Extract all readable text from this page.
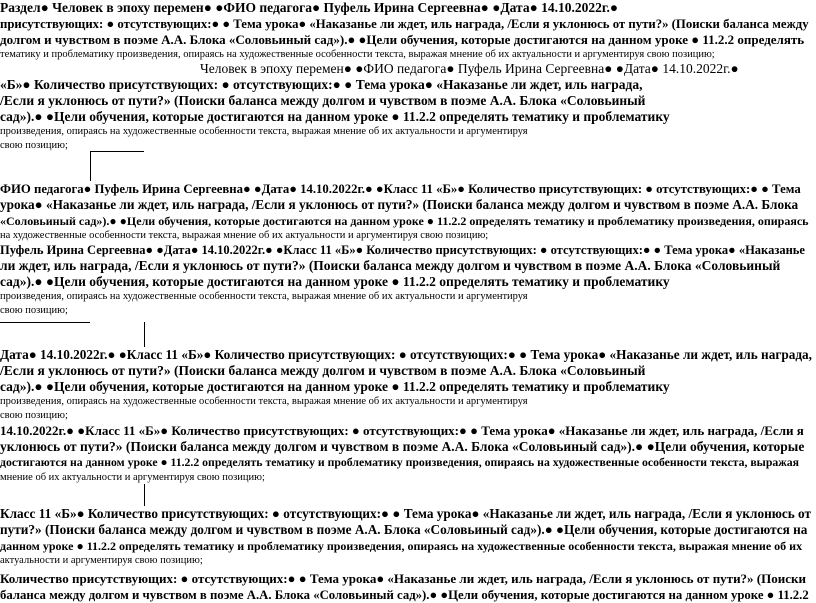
Раздел● Человек в эпоху перемен● ●ФИО педагога● Пуфель Ирина Сергеевна● ●Дата● 14.10.2022г.●
присутствующих: ● отсутствующих:● ● Тема урока● «Наказанье ли ждет, иль награда, /Если я уклонюсь от пути?» (Поиски баланса между
долгом и чувством в поэме А.А. Блока «Соловьиный сад»).● ●Цели обучения, которые достигаются на данном уроке ● 11.2.2 определять
тематику и проблематику произведения, опираясь на художественные особенности текста, выражая мнение об их актуальности и аргументируя свою позицию;
Человек в эпоху перемен● ●ФИО педагога● Пуфель Ирина Сергеевна● ●Дата● 14.10.2022г.●
«Б»● Количество присутствующих: ● отсутствующих:● ● Тема урока● «Наказанье ли ждет, иль награда,
/Если я уклонюсь от пути?» (Поиски баланса между долгом и чувством в поэме А.А. Блока «Соловьиный
сад»).● ●Цели обучения, которые достигаются на данном уроке ● 11.2.2 определять тематику и проблематику
произведения, опираясь на художественные особенности текста, выражая мнение об их актуальности и аргументируя
свою позицию;
ФИО педагога● Пуфель Ирина Сергеевна● ●Дата● 14.10.2022г.● ●Класс 11 «Б»● Количество присутствующих: ● отсутствующих:● ● Тема
урока● «Наказанье ли ждет, иль награда, /Если я уклонюсь от пути?» (Поиски баланса между долгом и чувством в поэме А.А. Блока
«Соловьиный сад»).● ●Цели обучения, которые достигаются на данном уроке ● 11.2.2 определять тематику и проблематику произведения, опираясь
на художественные особенности текста, выражая мнение об их актуальности и аргументируя свою позицию;
Пуфель Ирина Сергеевна● ●Дата● 14.10.2022г.● ●Класс 11 «Б»● Количество присутствующих: ● отсутствующих:● ● Тема урока● «Наказанье
ли ждет, иль награда, /Если я уклонюсь от пути?» (Поиски баланса между долгом и чувством в поэме А.А. Блока «Соловьиный
сад»).● ●Цели обучения, которые достигаются на данном уроке ● 11.2.2 определять тематику и проблематику
произведения, опираясь на художественные особенности текста, выражая мнение об их актуальности и аргументируя
свою позицию;
Дата● 14.10.2022г.● ●Класс 11 «Б»● Количество присутствующих: ● отсутствующих:● ● Тема урока● «Наказанье ли ждет, иль награда,
/Если я уклонюсь от пути?» (Поиски баланса между долгом и чувством в поэме А.А. Блока «Соловьиный
сад»).● ●Цели обучения, которые достигаются на данном уроке ● 11.2.2 определять тематику и проблематику
произведения, опираясь на художественные особенности текста, выражая мнение об их актуальности и аргументируя
свою позицию;
14.10.2022г.● ●Класс 11 «Б»● Количество присутствующих: ● отсутствующих:● ● Тема урока● «Наказанье ли ждет, иль награда, /Если я
уклонюсь от пути?» (Поиски баланса между долгом и чувством в поэме А.А. Блока «Соловьиный сад»).● ●Цели обучения, которые
достигаются на данном уроке ● 11.2.2 определять тематику и проблематику произведения, опираясь на художественные особенности текста, выражая
мнение об их актуальности и аргументируя свою позицию;
Класс 11 «Б»● Количество присутствующих: ● отсутствующих:● ● Тема урока● «Наказанье ли ждет, иль награда, /Если я уклонюсь от
пути?» (Поиски баланса между долгом и чувством в поэме А.А. Блока «Соловьиный сад»).● ●Цели обучения, которые достигаются на
данном уроке ● 11.2.2 определять тематику и проблематику произведения, опираясь на художественные особенности текста, выражая мнение об их
актуальности и аргументируя свою позицию;
Количество присутствующих: ● отсутствующих:● ● Тема урока● «Наказанье ли ждет, иль награда, /Если я уклонюсь от пути?» (Поиски
баланса между долгом и чувством в поэме А.А. Блока «Соловьиный сад»).● ●Цели обучения, которые достигаются на данном уроке ● 11.2.2
